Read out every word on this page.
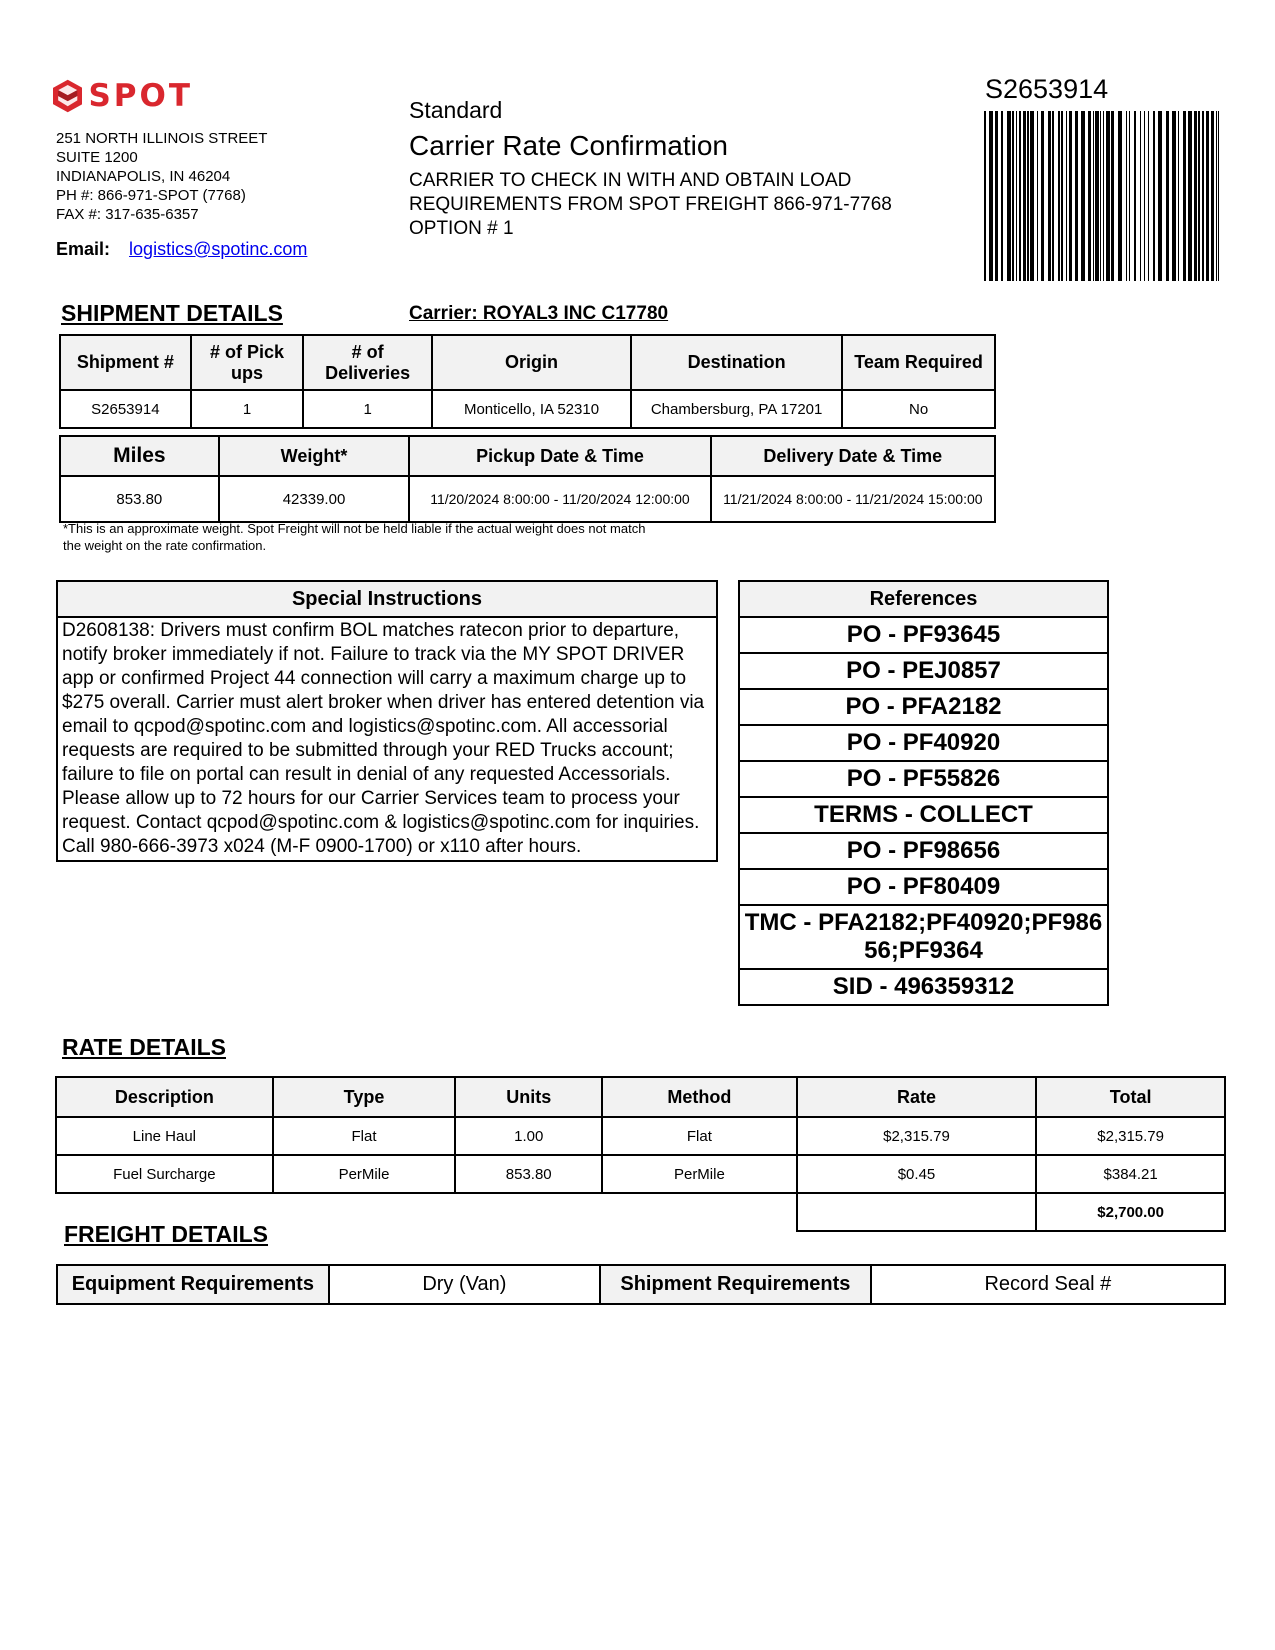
SPOT
251 NORTH ILLINOIS STREET
SUITE 1200
INDIANAPOLIS, IN 46204
PH #: 866-971-SPOT (7768)
FAX #: 317-635-6357
Email: logistics@spotinc.com
Standard
Carrier Rate Confirmation
CARRIER TO CHECK IN WITH AND OBTAIN LOAD
REQUIREMENTS FROM SPOT FREIGHT 866-971-7768
OPTION # 1
S2653914
SHIPMENT DETAILS	Carrier: ROYAL3 INC C17780
Shipment #	# of Pick ups	# of Deliveries	Origin	Destination	Team Required
S2653914	1	1	Monticello, IA 52310	Chambersburg, PA 17201	No
Miles	Weight*	Pickup Date & Time	Delivery Date & Time
853.80	42339.00	11/20/2024 8:00:00 - 11/20/2024 12:00:00	11/21/2024 8:00:00 - 11/21/2024 15:00:00
*This is an approximate weight. Spot Freight will not be held liable if the actual weight does not match the weight on the rate confirmation.
Special Instructions
D2608138: Drivers must confirm BOL matches ratecon prior to departure, notify broker immediately if not. Failure to track via the MY SPOT DRIVER app or confirmed Project 44 connection will carry a maximum charge up to $275 overall. Carrier must alert broker when driver has entered detention via email to qcpod@spotinc.com and logistics@spotinc.com. All accessorial requests are required to be submitted through your RED Trucks account; failure to file on portal can result in denial of any requested Accessorials. Please allow up to 72 hours for our Carrier Services team to process your request. Contact qcpod@spotinc.com & logistics@spotinc.com for inquiries. Call 980-666-3973 x024 (M-F 0900-1700) or x110 after hours.
References
PO - PF93645
PO - PEJ0857
PO - PFA2182
PO - PF40920
PO - PF55826
TERMS - COLLECT
PO - PF98656
PO - PF80409
TMC - PFA2182;PF40920;PF98656;PF9364
SID - 496359312
RATE DETAILS
Description	Type	Units	Method	Rate	Total
Line Haul	Flat	1.00	Flat	$2,315.79	$2,315.79
Fuel Surcharge	PerMile	853.80	PerMile	$0.45	$384.21
					$2,700.00
FREIGHT DETAILS
Equipment Requirements	Dry (Van)	Shipment Requirements	Record Seal #
